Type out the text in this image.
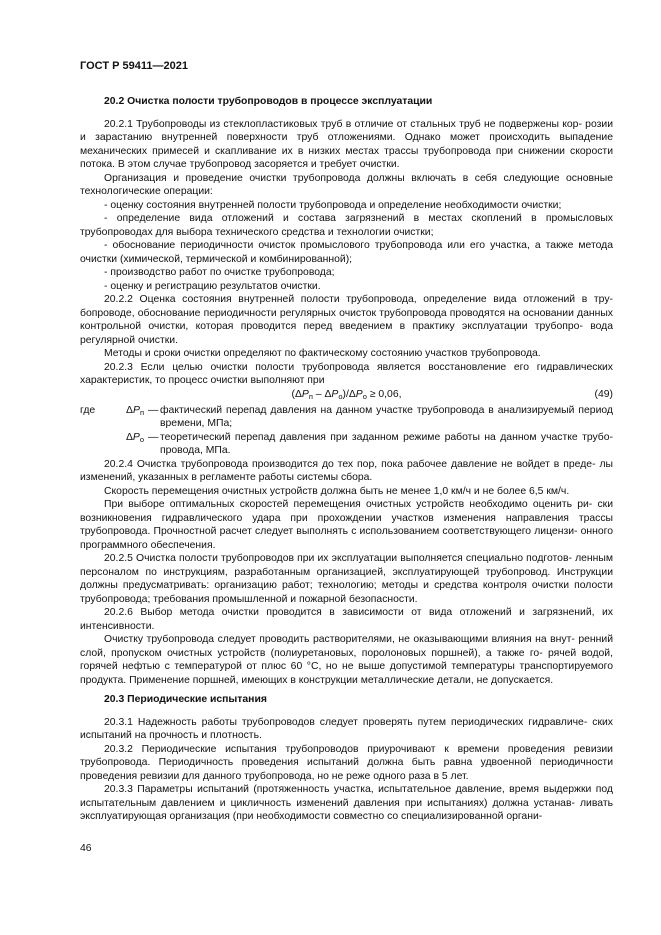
ГОСТ Р 59411—2021

20.2 Очистка полости трубопроводов в процессе эксплуатации

20.2.1 Трубопроводы из стеклопластиковых труб в отличие от стальных труб не подвержены кор- розии и зарастанию внутренней поверхности труб отложениями. Однако может происходить выпадение механических примесей и скапливание их в низких местах трассы трубопровода при снижении скорости потока. В этом случае трубопровод засоряется и требует очистки.

Организация и проведение очистки трубопровода должны включать в себя следующие основные технологические операции:

- оценку состояния внутренней полости трубопровода и определение необходимости очистки;

- определение вида отложений и состава загрязнений в местах скоплений в промысловых трубопроводах для выбора технического средства и технологии очистки;

- обоснование периодичности очисток промыслового трубопровода или его участка, а также метода очистки (химической, термической и комбинированной);

- производство работ по очистке трубопровода;

- оценку и регистрацию результатов очистки.

20.2.2 Оценка состояния внутренней полости трубопровода, определение вида отложений в тру- бопроводе, обоснование периодичности регулярных очисток трубопровода проводятся на основании данных контрольной очистки, которая проводится перед введением в практику эксплуатации трубопро- вода регулярной очистки.

Методы и сроки очистки определяют по фактическому состоянию участков трубопровода.

20.2.3 Если целью очистки полости трубопровода является восстановление его гидравлических характеристик, то процесс очистки выполняют при

$(\Delta P_п - \Delta P_о)/\Delta P_о \ge 0,06$,	(49)
где	$\Delta P_п$ — фактический перепад давления на данном участке трубопровода в анализируемый период времени, МПа;
$\Delta P_о$ — теоретический перепад давления при заданном режиме работы на данном участке трубо- провода, МПа.

20.2.4 Очистка трубопровода производится до тех пор, пока рабочее давление не войдет в преде- лы изменений, указанных в регламенте работы системы сбора.

Скорость перемещения очистных устройств должна быть не менее 1,0 км/ч и не более 6,5 км/ч.

При выборе оптимальных скоростей перемещения очистных устройств необходимо оценить ри- ски возникновения гидравлического удара при прохождении участков изменения направления трассы трубопровода. Прочностной расчет следует выполнять с использованием соответствующего лицензи- онного программного обеспечения.

20.2.5 Очистка полости трубопроводов при их эксплуатации выполняется специально подготов- ленным персоналом по инструкциям, разработанным организацией, эксплуатирующей трубопровод. Инструкции должны предусматривать: организацию работ; технологию; методы и средства контроля очистки полости трубопровода; требования промышленной и пожарной безопасности.

20.2.6 Выбор метода очистки проводится в зависимости от вида отложений и загрязнений, их интенсивности.

Очистку трубопровода следует проводить растворителями, не оказывающими влияния на внут- ренний слой, пропуском очистных устройств (полиуретановых, поролоновых поршней), а также го- рячей водой, горячей нефтью с температурой от плюс 60 °С, но не выше допустимой температуры транспортируемого продукта. Применение поршней, имеющих в конструкции металлические детали, не допускается.

20.3 Периодические испытания

20.3.1 Надежность работы трубопроводов следует проверять путем периодических гидравличе- ских испытаний на прочность и плотность.

20.3.2 Периодические испытания трубопроводов приурочивают к времени проведения ревизии трубопровода. Периодичность проведения испытаний должна быть равна удвоенной периодичности проведения ревизии для данного трубопровода, но не реже одного раза в 5 лет.

20.3.3 Параметры испытаний (протяженность участка, испытательное давление, время выдержки под испытательным давлением и цикличность изменений давления при испытаниях) должна устанав- ливать эксплуатирующая организация (при необходимости совместно со специализированной органи-

46
